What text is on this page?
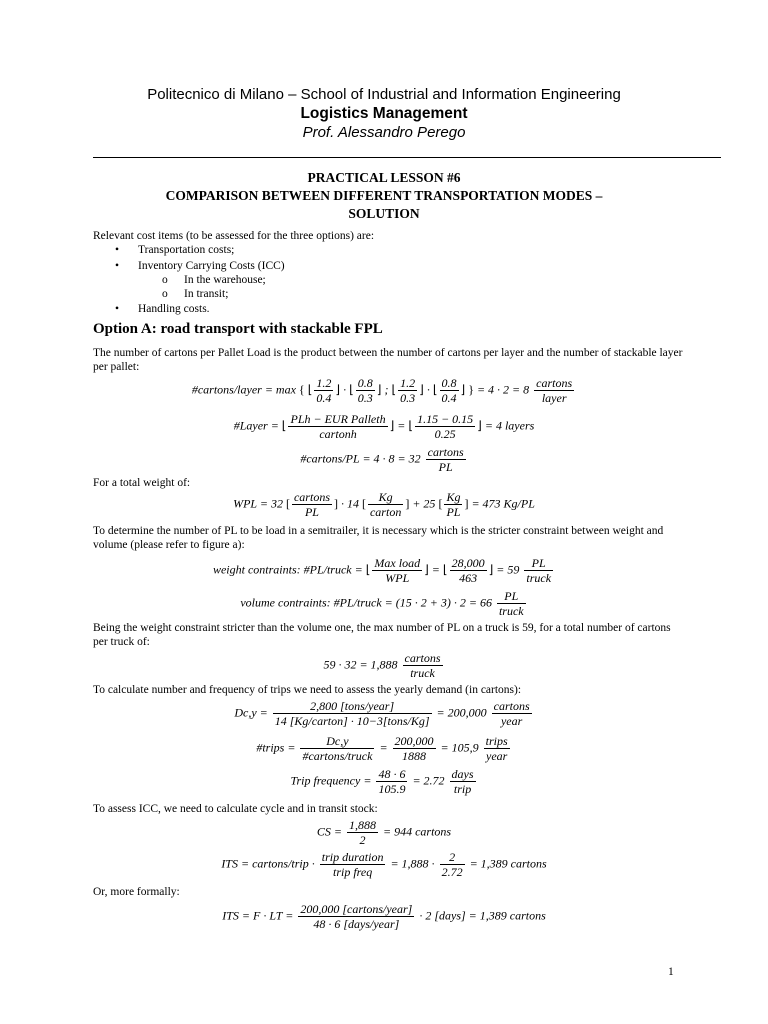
Politecnico di Milano – School of Industrial and Information Engineering
Logistics Management
Prof. Alessandro Perego
PRACTICAL LESSON #6
COMPARISON BETWEEN DIFFERENT TRANSPORTATION MODES –
SOLUTION
Relevant cost items (to be assessed for the three options) are:
• Transportation costs;
• Inventory Carrying Costs (ICC)
o In the warehouse;
o In transit;
• Handling costs.
Option A: road transport with stackable FPL
The number of cartons per Pallet Load is the product between the number of cartons per layer and the number of stackable layer per pallet:
#cartons/layer = max { ⌊ $\frac{1.2}{0.4}$ ⌋ · ⌊ $\frac{0.8}{0.3}$ ⌋ ; ⌊ $\frac{1.2}{0.3}$ ⌋ · ⌊ $\frac{0.8}{0.4}$ ⌋ } = 4 · 2 = 8 cartons
layer
#Layer = ⌊ PLh − EUR Palleth
cartonh
⌋ = ⌊ $\frac{1.15 - 0.15}{0.25}$ ⌋ = 4 layers
#cartons/PL = 4 · 8 = 32 cartons
PL
For a total weight of:
WPL = 32 [ cartons
PL
] · 14 [	Kg
carton
] + 25 [ $\frac{Kg}{PL}$ ] = 473 Kg/PL
To determine the number of PL to be load in a semitrailer, it is necessary which is the stricter constraint between weight and volume (please refer to figure a):
weight contraints: #PL/truck = ⌊ Max load
WPL
⌋ = ⌊ $\frac{28,000}{463}$ ⌋ = 59	PL
truck
volume contraints: #PL/truck = (15 · 2 + 3) · 2 = 66	PL
truck
Being the weight constraint stricter than the volume one, the max number of PL on a truck is 59, for a total number of cartons per truck of:
59 · 32 = 1,888 cartons
truck
To calculate number and frequency of trips we need to assess the yearly demand (in cartons):
Dc,y =	2,800 [tons/year]
14 [Kg/carton] · 10−3[tons/Kg]
= 200,000 cartons
year
#trips =	Dc,y
#cartons/truck
= $\frac{200,000}{1888} = 105,9$ trips
year
Trip frequency = $\frac{48 \cdot 6}{105.9} = 2.72$ days
trip
To assess ICC, we need to calculate cycle and in transit stock:
CS = $\frac{1,888}{2} = 944$ cartons
ITS = cartons/trip · trip duration
trip freq
= $1,888 \cdot \frac{2}{2.72} = 1,389$ cartons
Or, more formally:
ITS = F · LT = 200,000 [cartons/year]
48 · 6 [days/year]
· 2 [days] = 1,389 cartons
1
